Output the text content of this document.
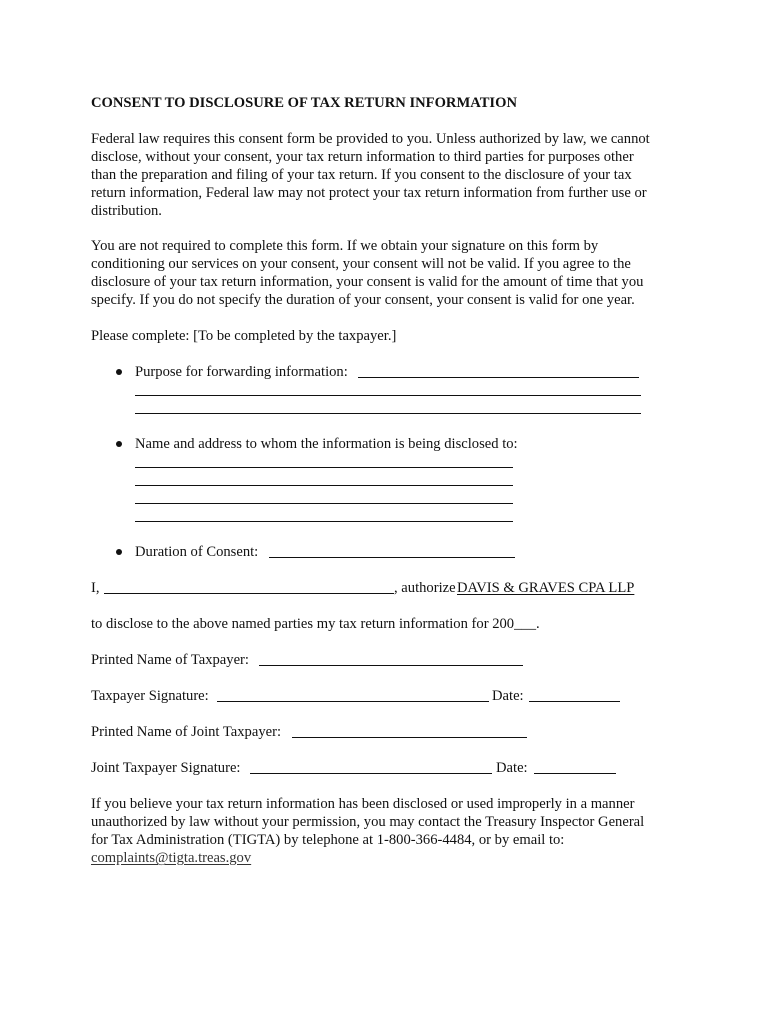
CONSENT TO DISCLOSURE OF TAX RETURN INFORMATION
Federal law requires this consent form be provided to you. Unless authorized by law, we cannot
disclose, without your consent, your tax return information to third parties for purposes other
than the preparation and filing of your tax return. If you consent to the disclosure of your tax
return information, Federal law may not protect your tax return information from further use or
distribution.
You are not required to complete this form. If we obtain your signature on this form by
conditioning our services on your consent, your consent will not be valid. If you agree to the
disclosure of your tax return information, your consent is valid for the amount of time that you
specify. If you do not specify the duration of your consent, your consent is valid for one year.
Please complete: [To be completed by the taxpayer.]
Purpose for forwarding information:
Name and address to whom the information is being disclosed to:
Duration of Consent:
I,	, authorize DAVIS & GRAVES CPA LLP
to disclose to the above named parties my tax return information for 200___.
Printed Name of Taxpayer:
Taxpayer Signature:	Date:
Printed Name of Joint Taxpayer:
Joint Taxpayer Signature:	Date:
If you believe your tax return information has been disclosed or used improperly in a manner
unauthorized by law without your permission, you may contact the Treasury Inspector General
for Tax Administration (TIGTA) by telephone at 1-800-366-4484, or by email to:
complaints@tigta.treas.gov
